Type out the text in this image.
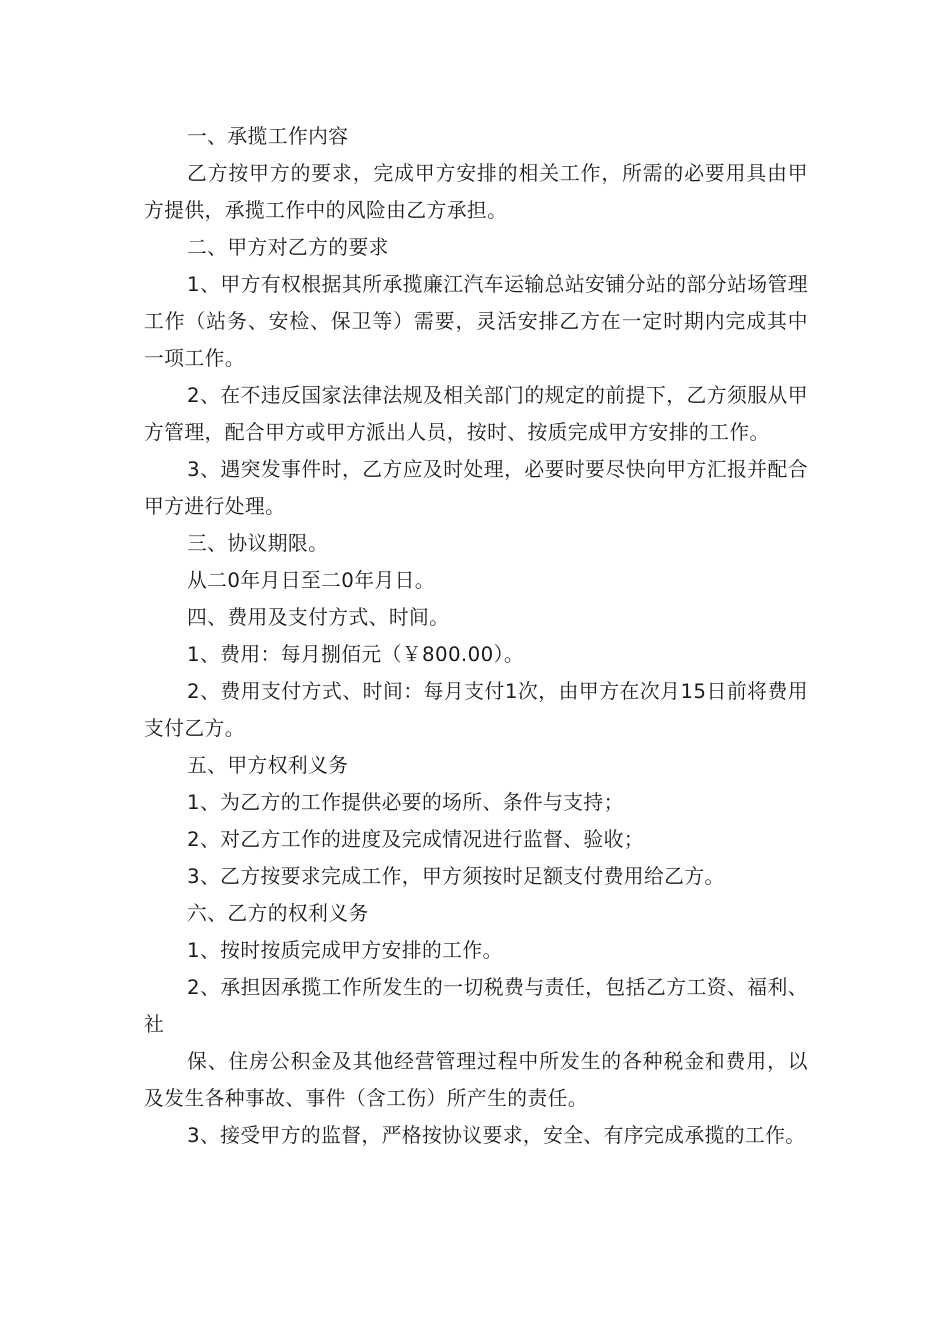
一、承揽工作内容

乙方按甲方的要求，完成甲方安排的相关工作，所需的必要用具由甲方提供，承揽工作中的风险由乙方承担。

二、甲方对乙方的要求

1、甲方有权根据其所承揽廉江汽车运输总站安铺分站的部分站场管理工作（站务、安检、保卫等）需要，灵活安排乙方在一定时期内完成其中一项工作。

2、在不违反国家法律法规及相关部门的规定的前提下，乙方须服从甲方管理，配合甲方或甲方派出人员，按时、按质完成甲方安排的工作。

3、遇突发事件时，乙方应及时处理，必要时要尽快向甲方汇报并配合甲方进行处理。

三、协议期限。

从二0年月日至二0年月日。

四、费用及支付方式、时间。

1、费用：每月捌佰元（￥800.00）。

2、费用支付方式、时间：每月支付1次，由甲方在次月15日前将费用支付乙方。

五、甲方权利义务

1、为乙方的工作提供必要的场所、条件与支持；

2、对乙方工作的进度及完成情况进行监督、验收；

3、乙方按要求完成工作，甲方须按时足额支付费用给乙方。

六、乙方的权利义务

1、按时按质完成甲方安排的工作。

2、承担因承揽工作所发生的一切税费与责任，包括乙方工资、福利、社

保、住房公积金及其他经营管理过程中所发生的各种税金和费用，以及发生各种事故、事件（含工伤）所产生的责任。

3、接受甲方的监督，严格按协议要求，安全、有序完成承揽的工作。
